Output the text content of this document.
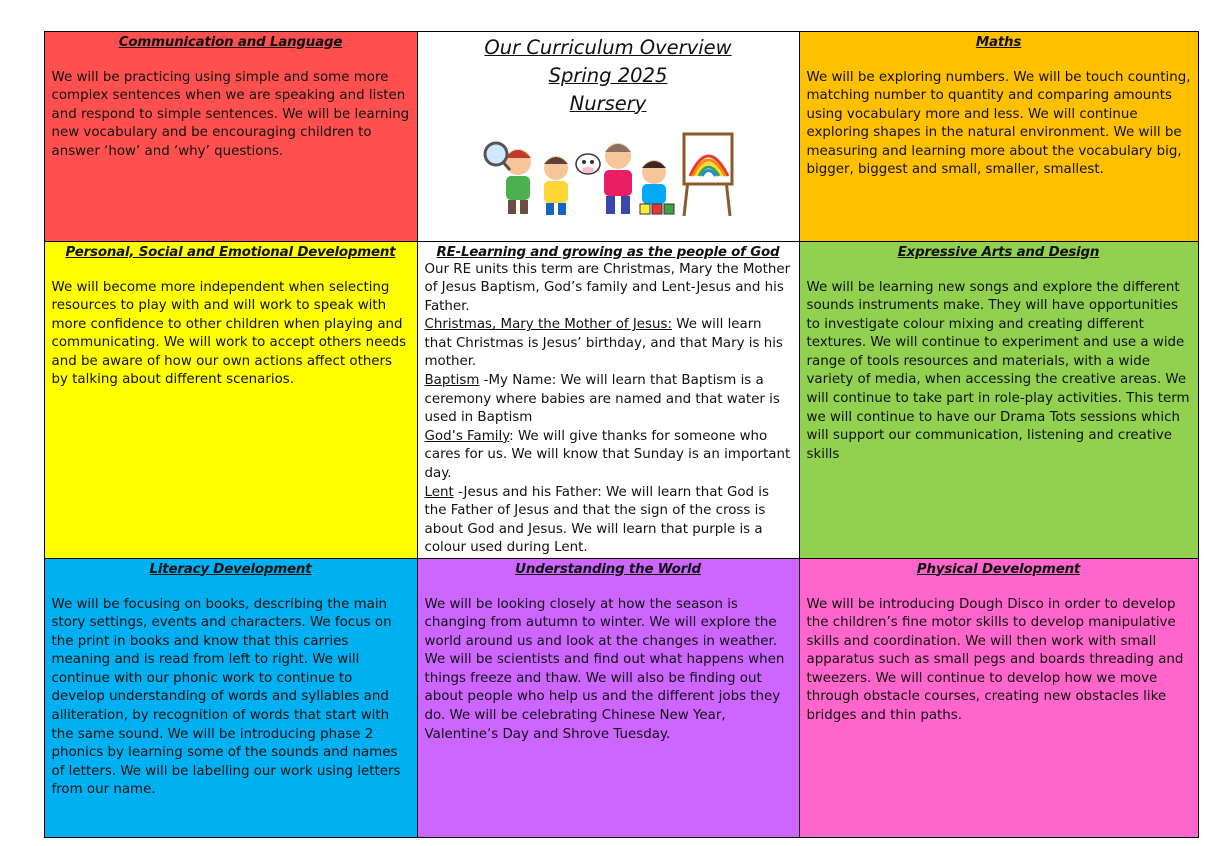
Communication and Language

We will be practicing using simple and some more complex sentences when we are speaking and listen and respond to simple sentences. We will be learning new vocabulary and be encouraging children to answer ‘how’ and ‘why’ questions.

Our Curriculum Overview
Spring 2025
Nursery
Maths

We will be exploring numbers. We will be touch counting, matching number to quantity and comparing amounts using vocabulary more and less. We will continue exploring shapes in the natural environment. We will be measuring and learning more about the vocabulary big, bigger, biggest and small, smaller, smallest.

Personal, Social and Emotional Development

We will become more independent when selecting resources to play with and will work to speak with more confidence to other children when playing and communicating. We will work to accept others needs and be aware of how our own actions affect others by talking about different scenarios.

RE-Learning and growing as the people of God

Our RE units this term are Christmas, Mary the Mother of Jesus Baptism, God’s family and Lent-Jesus and his Father.
Christmas, Mary the Mother of Jesus: We will learn that Christmas is Jesus’ birthday, and that Mary is his mother.
Baptism -My Name: We will learn that Baptism is a ceremony where babies are named and that water is used in Baptism
God’s Family: We will give thanks for someone who cares for us. We will know that Sunday is an important day.
Lent -Jesus and his Father: We will learn that God is the Father of Jesus and that the sign of the cross is about God and Jesus. We will learn that purple is a colour used during Lent.

Expressive Arts and Design

We will be learning new songs and explore the different sounds instruments make. They will have opportunities to investigate colour mixing and creating different textures. We will continue to experiment and use a wide range of tools resources and materials, with a wide variety of media, when accessing the creative areas. We will continue to take part in role-play activities. This term we will continue to have our Drama Tots sessions which will support our communication, listening and creative skills

Literacy Development

We will be focusing on books, describing the main story settings, events and characters. We focus on the print in books and know that this carries meaning and is read from left to right. We will continue with our phonic work to continue to develop understanding of words and syllables and alliteration, by recognition of words that start with the same sound. We will be introducing phase 2 phonics by learning some of the sounds and names of letters. We will be labelling our work using letters from our name.

Understanding the World

We will be looking closely at how the season is changing from autumn to winter. We will explore the world around us and look at the changes in weather. We will be scientists and find out what happens when things freeze and thaw. We will also be finding out about people who help us and the different jobs they do. We will be celebrating Chinese New Year, Valentine’s Day and Shrove Tuesday.

Physical Development

We will be introducing Dough Disco in order to develop the children’s fine motor skills to develop manipulative skills and coordination. We will then work with small apparatus such as small pegs and boards threading and tweezers. We will continue to develop how we move through obstacle courses, creating new obstacles like bridges and thin paths.
